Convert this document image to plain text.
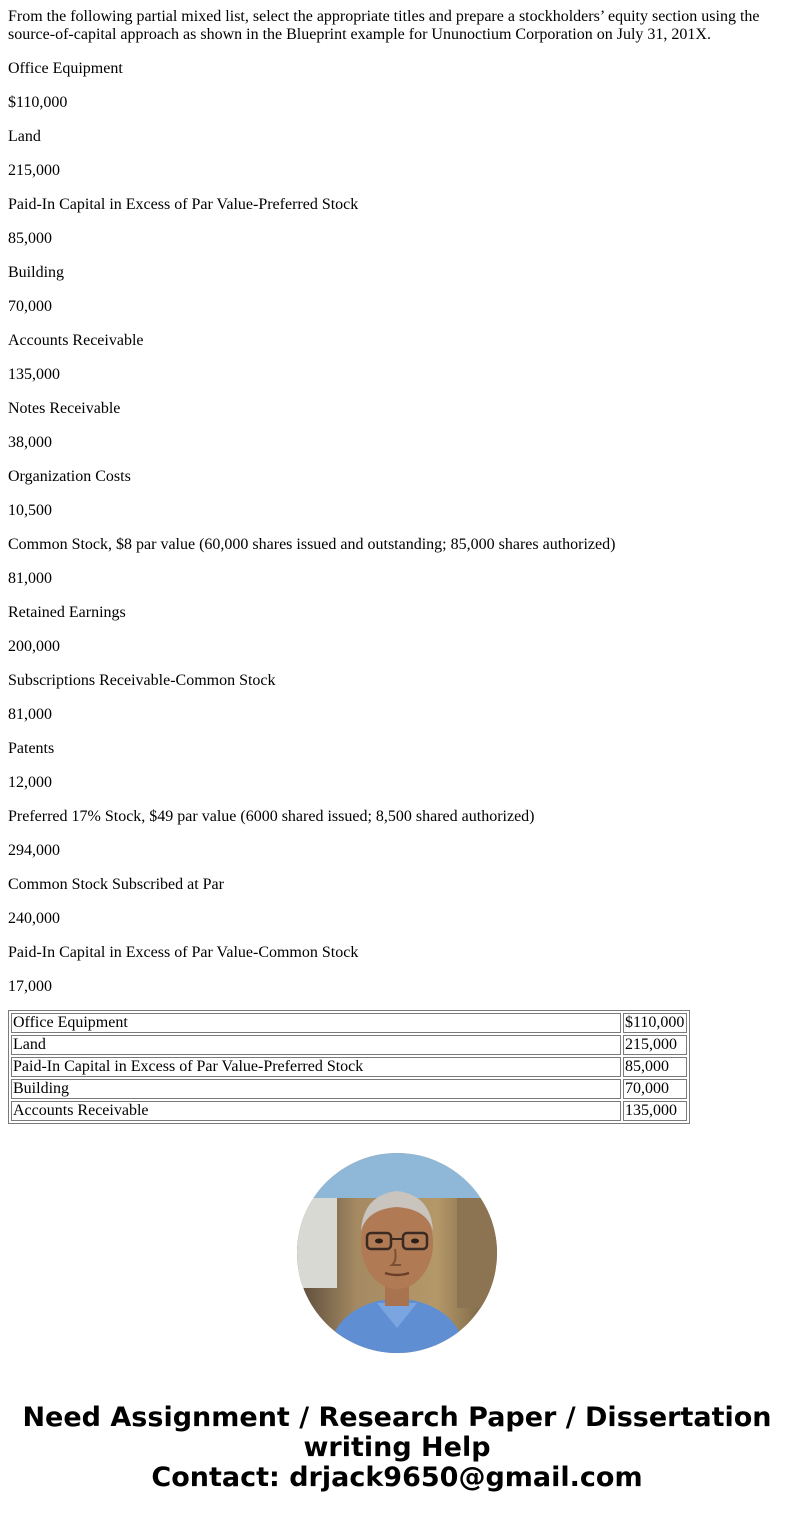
From the following partial mixed list, select the appropriate titles and prepare a stockholders’ equity section using the source-of-capital approach as shown in the Blueprint example for Ununoctium Corporation on July 31, 201X.

Office Equipment

$110,000

Land

215,000

Paid-In Capital in Excess of Par Value-Preferred Stock

85,000

Building

70,000

Accounts Receivable

135,000

Notes Receivable

38,000

Organization Costs

10,500

Common Stock, $8 par value (60,000 shares issued and outstanding; 85,000 shares authorized)

81,000

Retained Earnings

200,000

Subscriptions Receivable-Common Stock

81,000

Patents

12,000

Preferred 17% Stock, $49 par value (6000 shared issued; 8,500 shared authorized)

294,000

Common Stock Subscribed at Par

240,000

Paid-In Capital in Excess of Par Value-Common Stock

17,000

Office Equipment	$110,000
Land	215,000
Paid-In Capital in Excess of Par Value-Preferred Stock	85,000
Building	70,000
Accounts Receivable	135,000
Need Assignment / Research Paper / Dissertation writing Help
Contact: drjack9650@gmail.com
